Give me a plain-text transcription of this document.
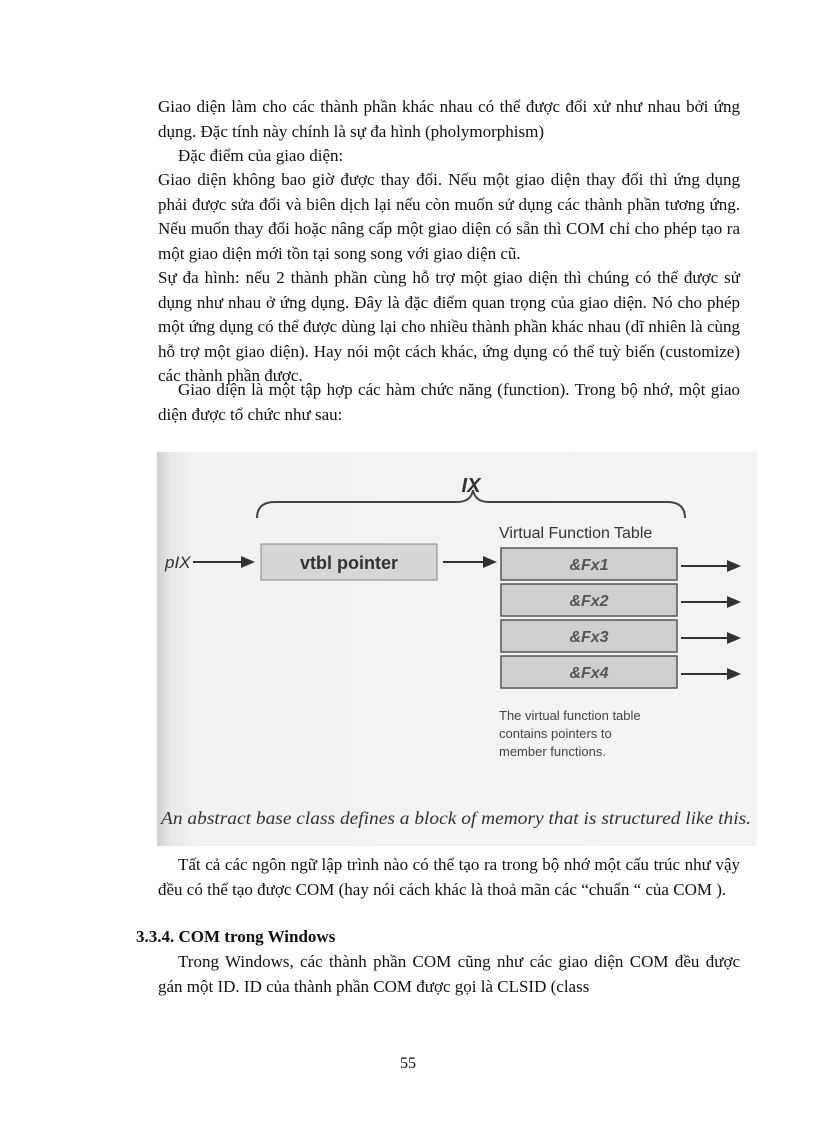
Giao diện làm cho các thành phần khác nhau có thể được đối xử như nhau bởi ứng dụng. Đặc tính này chính là sự đa hình (pholymorphism)

Đặc điểm của giao diện:

Giao diện không bao giờ được thay đổi. Nếu một giao diện thay đổi thì ứng dụng phải được sửa đổi và biên dịch lại nếu còn muốn sử dụng các thành phần tương ứng. Nếu muốn thay đổi hoặc nâng cấp một giao diện có sẵn thì COM chỉ cho phép tạo ra một giao diện mới tồn tại song song với giao diện cũ.

Sự đa hình: nếu 2 thành phần cùng hỗ trợ một giao diện thì chúng có thể được sử dụng như nhau ở ứng dụng. Đây là đặc điểm quan trọng của giao diện. Nó cho phép một ứng dụng có thể được dùng lại cho nhiều thành phần khác nhau (dĩ nhiên là cùng hỗ trợ một giao diện). Hay nói một cách khác, ứng dụng có thể tuỳ biến (customize) các thành phần được.

Giao diện là một tập hợp các hàm chức năng (function). Trong bộ nhớ, một giao diện được tổ chức như sau:

IX
pIX	vtbl pointer
Virtual Function Table
&Fx1
&Fx2
&Fx3
&Fx4
The virtual function table
contains pointers to
member functions.
An abstract base class defines a block of memory that is structured like this.

Tất cả các ngôn ngữ lập trình nào có thể tạo ra trong bộ nhớ một cấu trúc như vậy đều có thể tạo được COM (hay nói cách khác là thoả mãn các “chuẩn “ của COM ).

3.3.4. COM trong Windows

Trong Windows, các thành phần COM cũng như các giao diện COM đều được gán một ID. ID của thành phần COM được gọi là CLSID (class

55
